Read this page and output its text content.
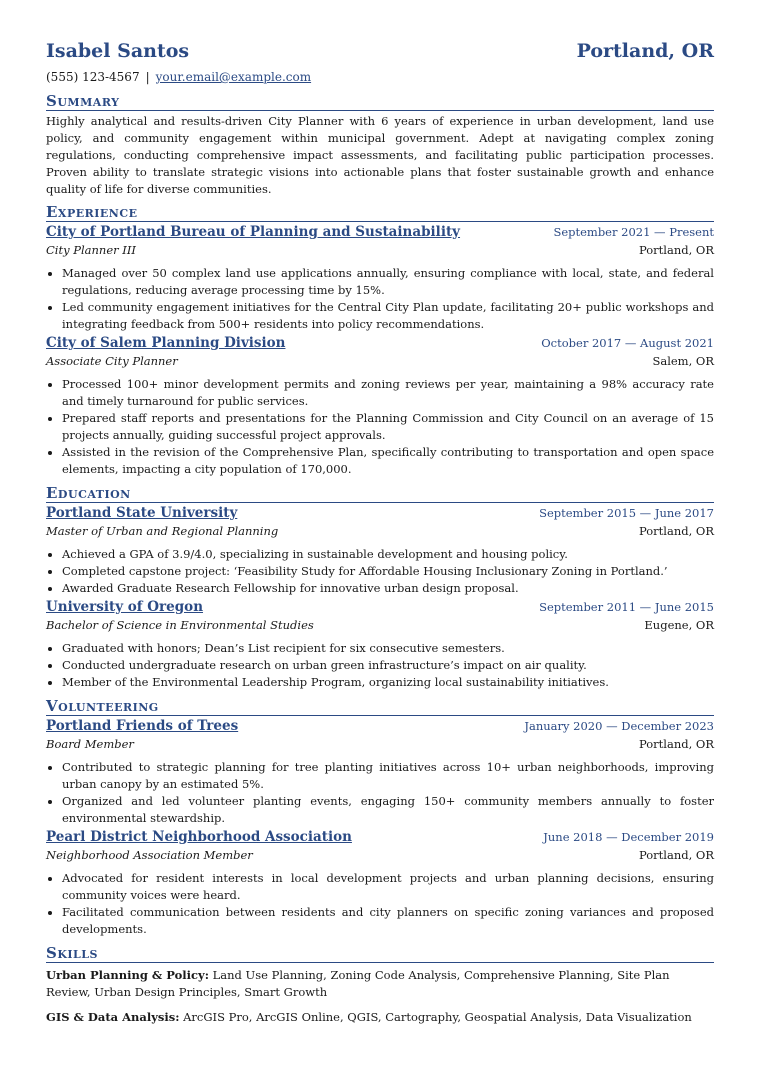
Isabel Santos	Portland, OR
(555) 123-4567 | your.email@example.com
Summary
Highly analytical and results-driven City Planner with 6 years of experience in urban development, land use policy, and community engagement within municipal government. Adept at navigating complex zoning regulations, conducting comprehensive impact assessments, and facilitating public participation processes. Proven ability to translate strategic visions into actionable plans that foster sustainable growth and enhance quality of life for diverse communities.
Experience
City of Portland Bureau of Planning and Sustainability	September 2021 — Present
City Planner III	Portland, OR
• Managed over 50 complex land use applications annually, ensuring compliance with local, state, and federal regulations, reducing average processing time by 15%.
• Led community engagement initiatives for the Central City Plan update, facilitating 20+ public workshops and integrating feedback from 500+ residents into policy recommendations.
City of Salem Planning Division	October 2017 — August 2021
Associate City Planner	Salem, OR
• Processed 100+ minor development permits and zoning reviews per year, maintaining a 98% accuracy rate and timely turnaround for public services.
• Prepared staff reports and presentations for the Planning Commission and City Council on an average of 15 projects annually, guiding successful project approvals.
• Assisted in the revision of the Comprehensive Plan, specifically contributing to transportation and open space elements, impacting a city population of 170,000.
Education
Portland State University	September 2015 — June 2017
Master of Urban and Regional Planning	Portland, OR
• Achieved a GPA of 3.9/4.0, specializing in sustainable development and housing policy.
• Completed capstone project: ‘Feasibility Study for Affordable Housing Inclusionary Zoning in Portland.’
• Awarded Graduate Research Fellowship for innovative urban design proposal.
University of Oregon	September 2011 — June 2015
Bachelor of Science in Environmental Studies	Eugene, OR
• Graduated with honors; Dean’s List recipient for six consecutive semesters.
• Conducted undergraduate research on urban green infrastructure’s impact on air quality.
• Member of the Environmental Leadership Program, organizing local sustainability initiatives.
Volunteering
Portland Friends of Trees	January 2020 — December 2023
Board Member	Portland, OR
• Contributed to strategic planning for tree planting initiatives across 10+ urban neighborhoods, improving urban canopy by an estimated 5%.
• Organized and led volunteer planting events, engaging 150+ community members annually to foster environmental stewardship.
Pearl District Neighborhood Association	June 2018 — December 2019
Neighborhood Association Member	Portland, OR
• Advocated for resident interests in local development projects and urban planning decisions, ensuring community voices were heard.
• Facilitated communication between residents and city planners on specific zoning variances and proposed developments.
Skills
Urban Planning & Policy: Land Use Planning, Zoning Code Analysis, Comprehensive Planning, Site Plan Review, Urban Design Principles, Smart Growth
GIS & Data Analysis: ArcGIS Pro, ArcGIS Online, QGIS, Cartography, Geospatial Analysis, Data Visualization
